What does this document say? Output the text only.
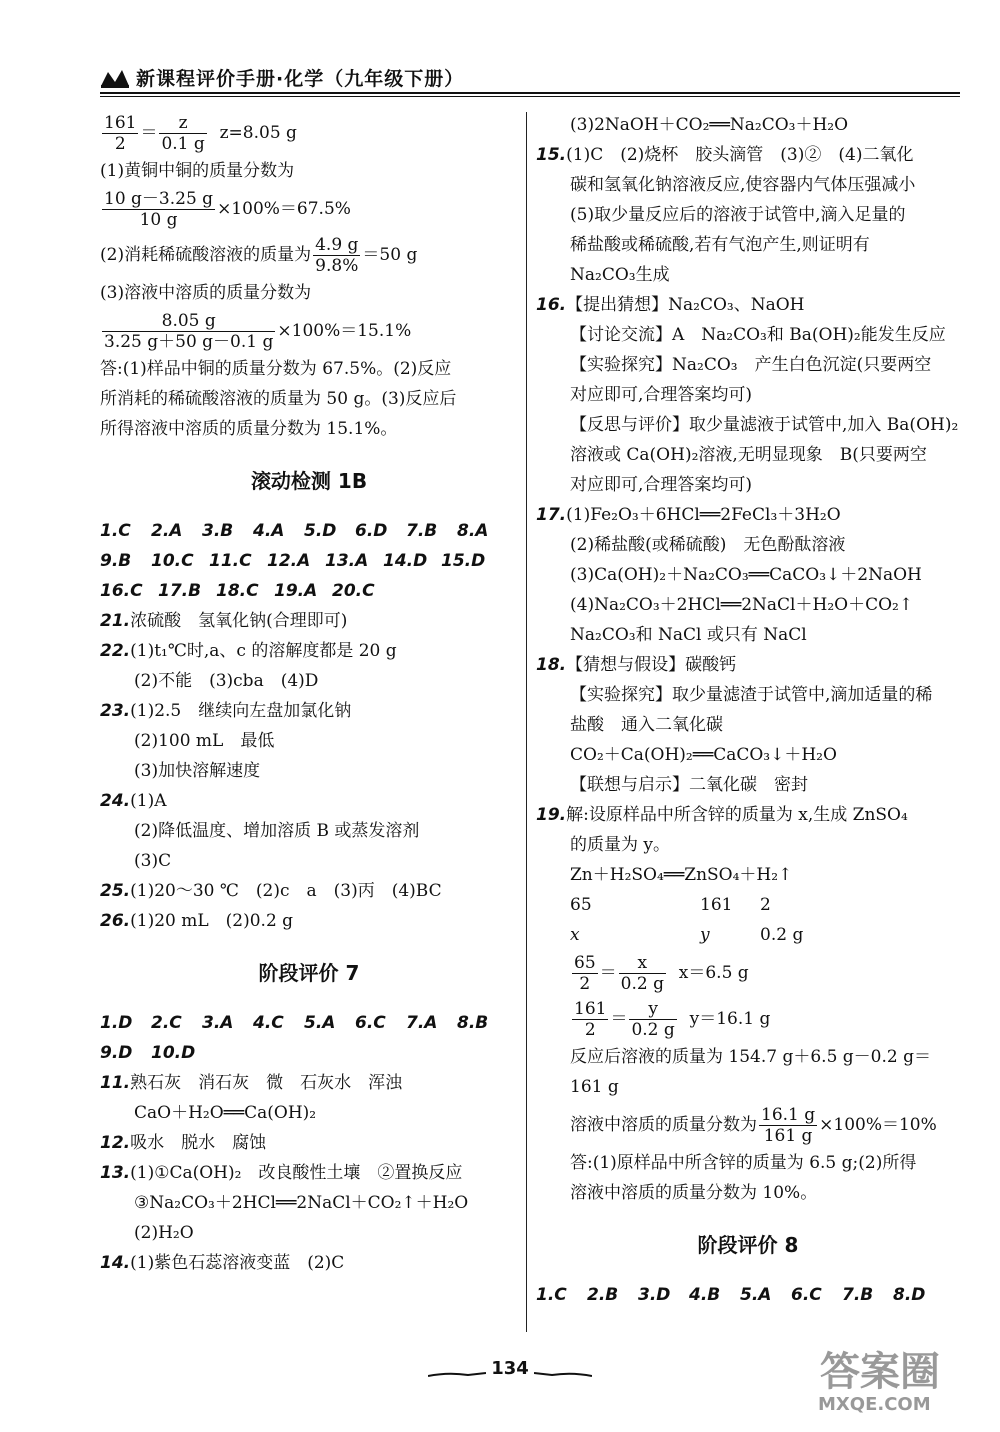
新课程评价手册·化学（九年级下册）
$\frac{161}{2} = \frac{z}{0.1 g} z=8.05$ g
(1)黄铜中铜的质量分数为
$\frac{10 g-3.25 g}{10 g} \times 100\%=67.5\%$
(2)消耗稀硫酸溶液的质量为 $\frac{4.9 g}{9.8\%} =50$ g
(3)溶液中溶质的质量分数为
$\frac{8.05 g}{3.25 g+50 g-0.1 g} \times 100\%=15.1\%$
答:(1)样品中铜的质量分数为 67.5%。(2)反应
所消耗的稀硫酸溶液的质量为 50 g。(3)反应后
所得溶液中溶质的质量分数为 15.1%。
滚动检测 1B
1.C	2.A	3.B	4.A	5.D	6.D	7.B	8.A
9.B	10.C 11.C 12.A 13.A 14.D 15.D
16.C 17.B 18.C 19.A 20.C
21.浓硫酸　氢氧化钠(合理即可)
22.(1)t₁℃时,a、c 的溶解度都是 20 g
(2)不能　(3)cba　(4)D
23.(1)2.5　继续向左盘加氯化钠
(2)100 mL　最低
(3)加快溶解速度
24.(1)A
(2)降低温度、增加溶质 B 或蒸发溶剂
(3)C
25.(1)20～30 ℃　(2)c　a　(3)丙　(4)BC
26.(1)20 mL　(2)0.2 g
阶段评价 7
1.D	2.C	3.A	4.C	5.A	6.C	7.A	8.B
9.D	10.D
11.熟石灰　消石灰　微　石灰水　浑浊
CaO＋H₂O══Ca(OH)₂
12.吸水　脱水　腐蚀
13.(1)①Ca(OH)₂　改良酸性土壤　②置换反应
③Na₂CO₃＋2HCl══2NaCl＋CO₂↑＋H₂O
(2)H₂O
14.(1)紫色石蕊溶液变蓝　(2)C
(3)2NaOH＋CO₂══Na₂CO₃＋H₂O
15.(1)C　(2)烧杯　胶头滴管　(3)②　(4)二氧化
碳和氢氧化钠溶液反应,使容器内气体压强减小
(5)取少量反应后的溶液于试管中,滴入足量的
稀盐酸或稀硫酸,若有气泡产生,则证明有
Na₂CO₃生成
16.【提出猜想】Na₂CO₃、NaOH
【讨论交流】A　Na₂CO₃和 Ba(OH)₂能发生反应
【实验探究】Na₂CO₃　产生白色沉淀(只要两空
对应即可,合理答案均可)
【反思与评价】取少量滤液于试管中,加入 Ba(OH)₂
溶液或 Ca(OH)₂溶液,无明显现象　B(只要两空
对应即可,合理答案均可)
17.(1)Fe₂O₃＋6HCl══2FeCl₃＋3H₂O
(2)稀盐酸(或稀硫酸)　无色酚酞溶液
(3)Ca(OH)₂＋Na₂CO₃══CaCO₃↓＋2NaOH
(4)Na₂CO₃＋2HCl══2NaCl＋H₂O＋CO₂↑
Na₂CO₃和 NaCl 或只有 NaCl
18.【猜想与假设】碳酸钙
【实验探究】取少量滤渣于试管中,滴加适量的稀
盐酸　通入二氧化碳
CO₂＋Ca(OH)₂══CaCO₃↓＋H₂O
【联想与启示】二氧化碳　密封
19.解:设原样品中所含锌的质量为 x,生成 ZnSO₄
的质量为 y。
Zn＋H₂SO₄══ZnSO₄＋H₂↑
65	161 2
x	y	0.2 g
$\frac{65}{2} = \frac{x}{0.2 g} x=6.5$ g
$\frac{161}{2} = \frac{y}{0.2 g} y=16.1$ g
反应后溶液的质量为 154.7 g＋6.5 g－0.2 g＝
161 g
溶液中溶质的质量分数为 $\frac{16.1 g}{161 g} \times 100\%=10\%$
答:(1)原样品中所含锌的质量为 6.5 g;(2)所得
溶液中溶质的质量分数为 10%。
阶段评价 8
1.C	2.B	3.D	4.B	5.A	6.C	7.B	8.D
134	答案圈
MXQE.COM
